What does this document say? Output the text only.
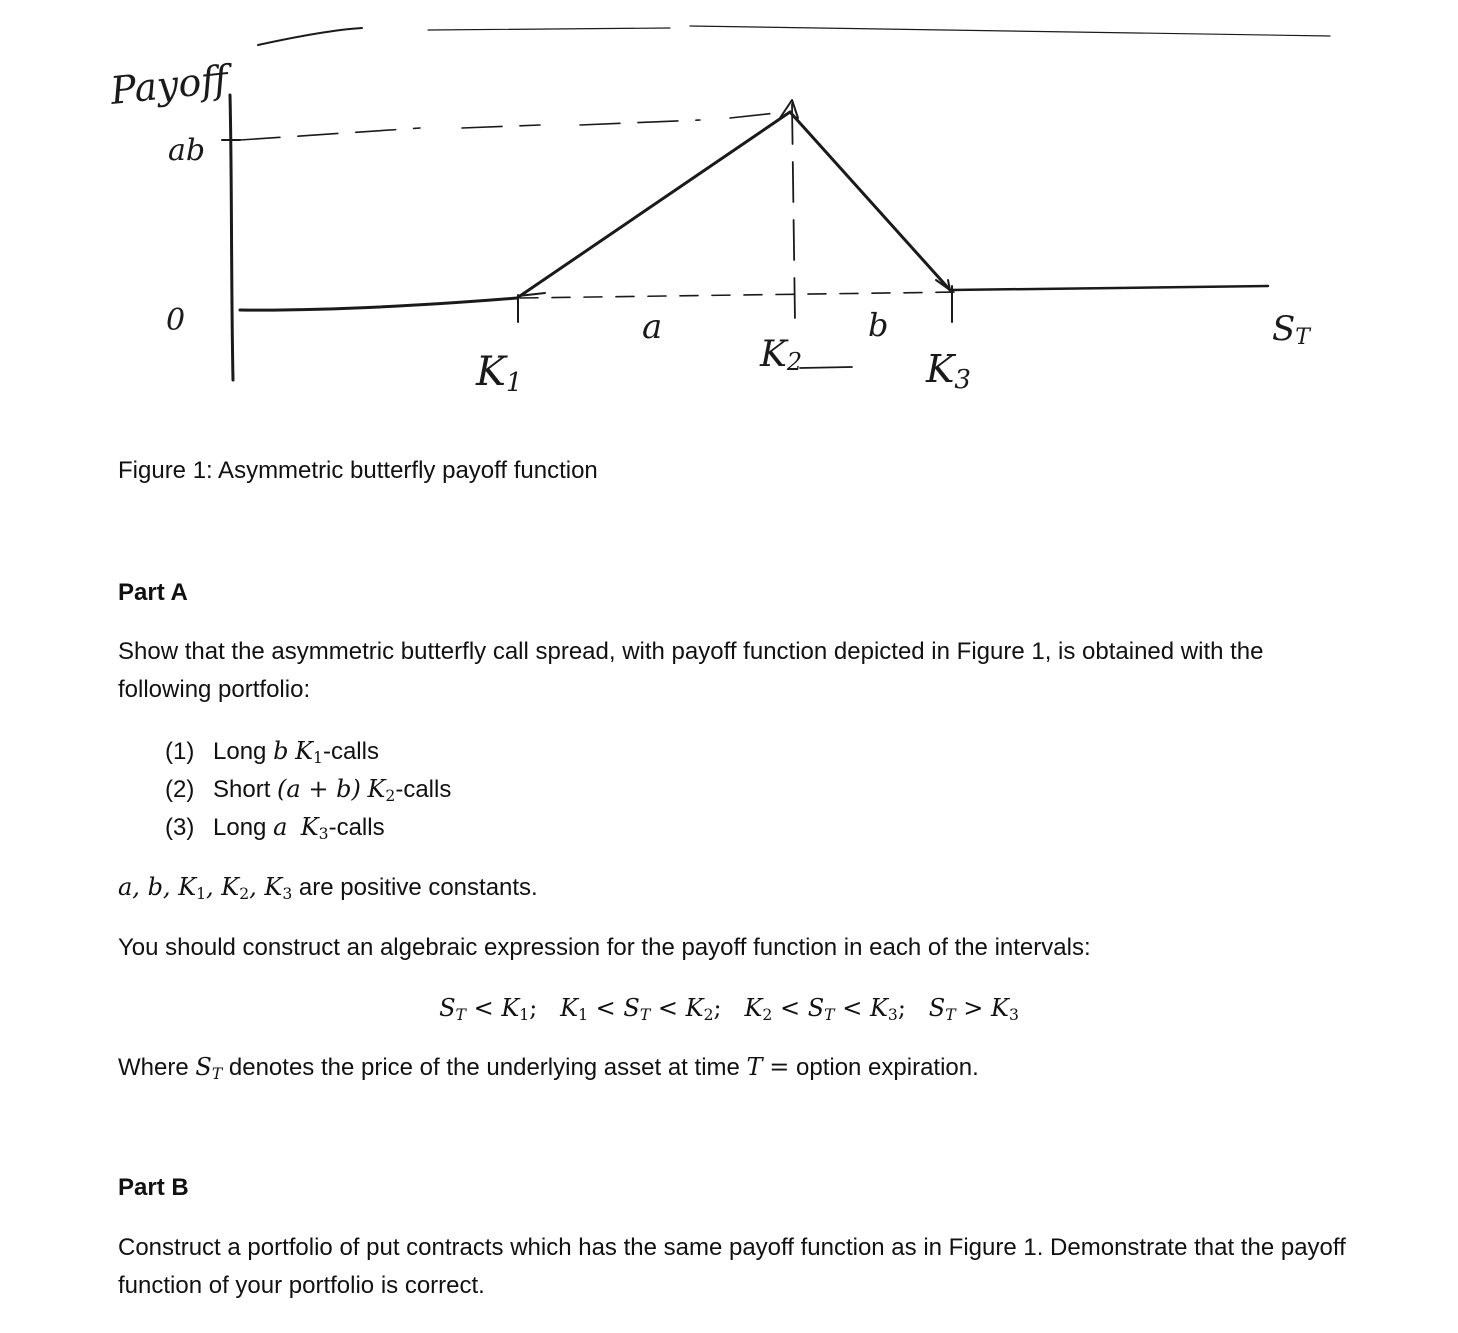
Payoff
ab
0
K1
a
K2
b
K3
ST

Figure 1: Asymmetric butterfly payoff function

Part A

Show that the asymmetric butterfly call spread, with payoff function depicted in Figure 1, is obtained with the following portfolio:

(1) Long b $K_1$-calls
(2) Short (a + b) $K_2$-calls
(3) Long a $K_3$-calls

a, b, $K_1$, $K_2$, $K_3$ are positive constants.

You should construct an algebraic expression for the payoff function in each of the intervals:

$S_T < K_1$;   $K_1 < S_T < K_2$;   $K_2 < S_T < K_3$;   $S_T > K_3$

Where $S_T$ denotes the price of the underlying asset at time T = option expiration.

Part B

Construct a portfolio of put contracts which has the same payoff function as in Figure 1. Demonstrate that the payoff function of your portfolio is correct.
